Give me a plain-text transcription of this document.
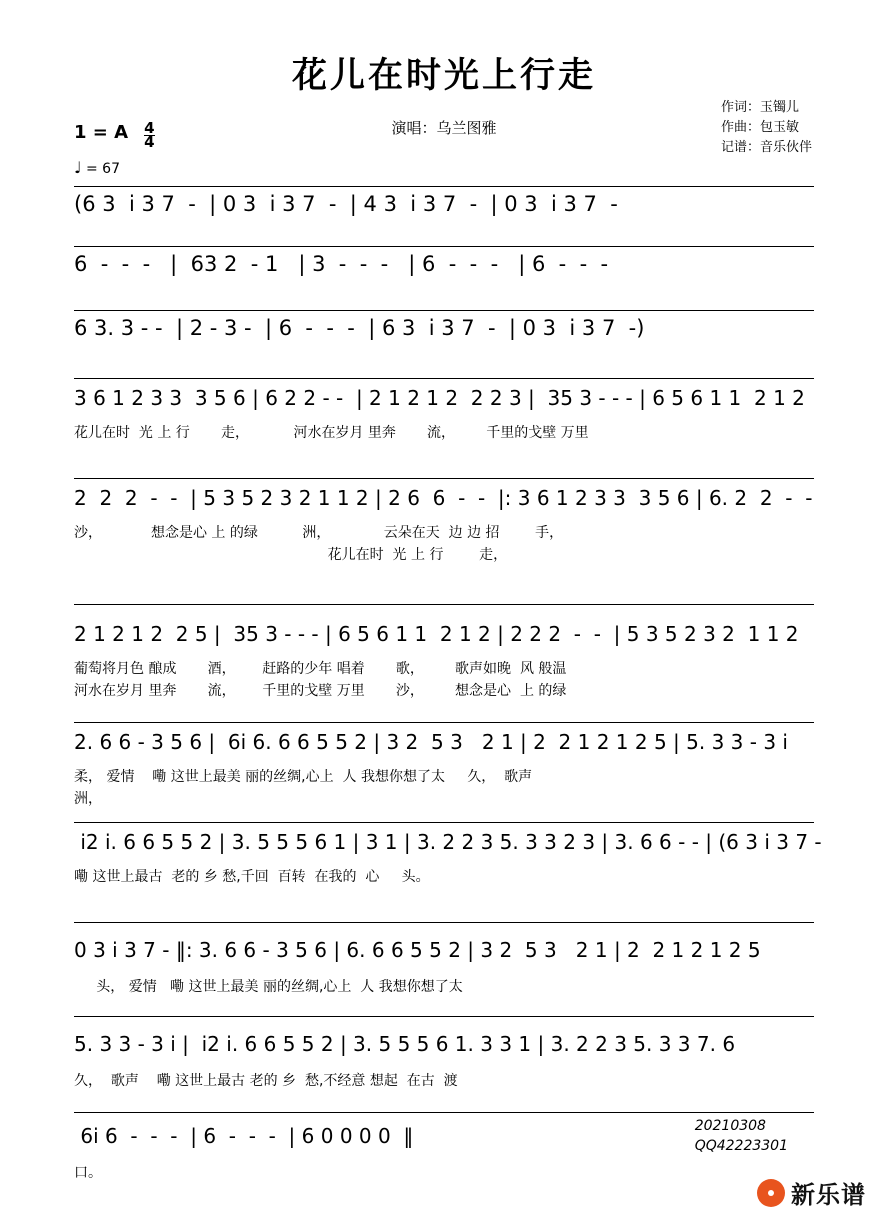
花儿在时光上行走
演唱：乌兰图雅
作词：玉镯儿
作曲：包玉敏
记谱：音乐伙伴
1 = A $\frac{4}{4}$
♩ = 67
(6 3  i 3 7  -  | 0 3  i 3 7  -  | 4 3  i 3 7  -  | 0 3  i 3 7  -
6  -  -  -   |  63 2  - 1   | 3  -  -  -   | 6  -  -  -   | 6  -  -  -
6 3. 3 - -  | 2 - 3 -  | 6  -  -  -  | 6 3  i 3 7  -  | 0 3  i 3 7  -)
3 6 1 2 3 3  3 5 6 | 6 2 2 - -  | 2 1 2 1 2  2 2 3 |  35 3 - - - | 6 5 6 1 1  2 1 2
花儿在时  光 上 行       走，          河水在岁月 里奔       流，       千里的戈壁 万里
2  2  2  -  -  | 5 3 5 2 3 2 1 1 2 | 2 6  6  -  -  |: 3 6 1 2 3 3  3 5 6 | 6. 2  2  -  -
沙，           想念是心 上 的绿          洲，            云朵在天  边 边 招        手，
花儿在时  光 上 行        走，
2 1 2 1 2  2 5 |  35 3 - - - | 6 5 6 1 1  2 1 2 | 2 2 2  -  -  | 5 3 5 2 3 2  1 1 2
葡萄将月色 酿成       酒，      赶路的少年 唱着       歌，       歌声如晚  风 般温
河水在岁月 里奔       流，      千里的戈壁 万里       沙，       想念是心  上 的绿
2. 6 6 - 3 5 6 |  6i 6. 6 6 5 5 2 | 3 2  5 3   2 1 | 2  2 1 2 1 2 5 | 5. 3 3 - 3 i
柔， 爱情    嘞 这世上最美 丽的丝绸,心上  人 我想你想了太     久，  歌声
洲，
i2 i. 6 6 5 5 2 | 3. 5 5 5 6 1 | 3 1 | 3. 2 2 3 5. 3 3 2 3 | 3. 6 6 - - | (6 3 i 3 7 -
嘞 这世上最古  老的 乡 愁,千回  百转  在我的  心     头。
0 3 i 3 7 - ‖: 3. 6 6 - 3 5 6 | 6. 6 6 5 5 2 | 3 2  5 3   2 1 | 2  2 1 2 1 2 5
头， 爱情   嘞 这世上最美 丽的丝绸,心上  人 我想你想了太
5. 3 3 - 3 i |  i2 i. 6 6 5 5 2 | 3. 5 5 5 6 1. 3 3 1 | 3. 2 2 3 5. 3 3 7. 6
久，  歌声    嘞 这世上最古 老的 乡  愁,不经意 想起  在古  渡
6i 6  -  -  -  | 6  -  -  -  | 6 0 0 0 0  ‖
口。
20210308
QQ42223301
新乐谱
